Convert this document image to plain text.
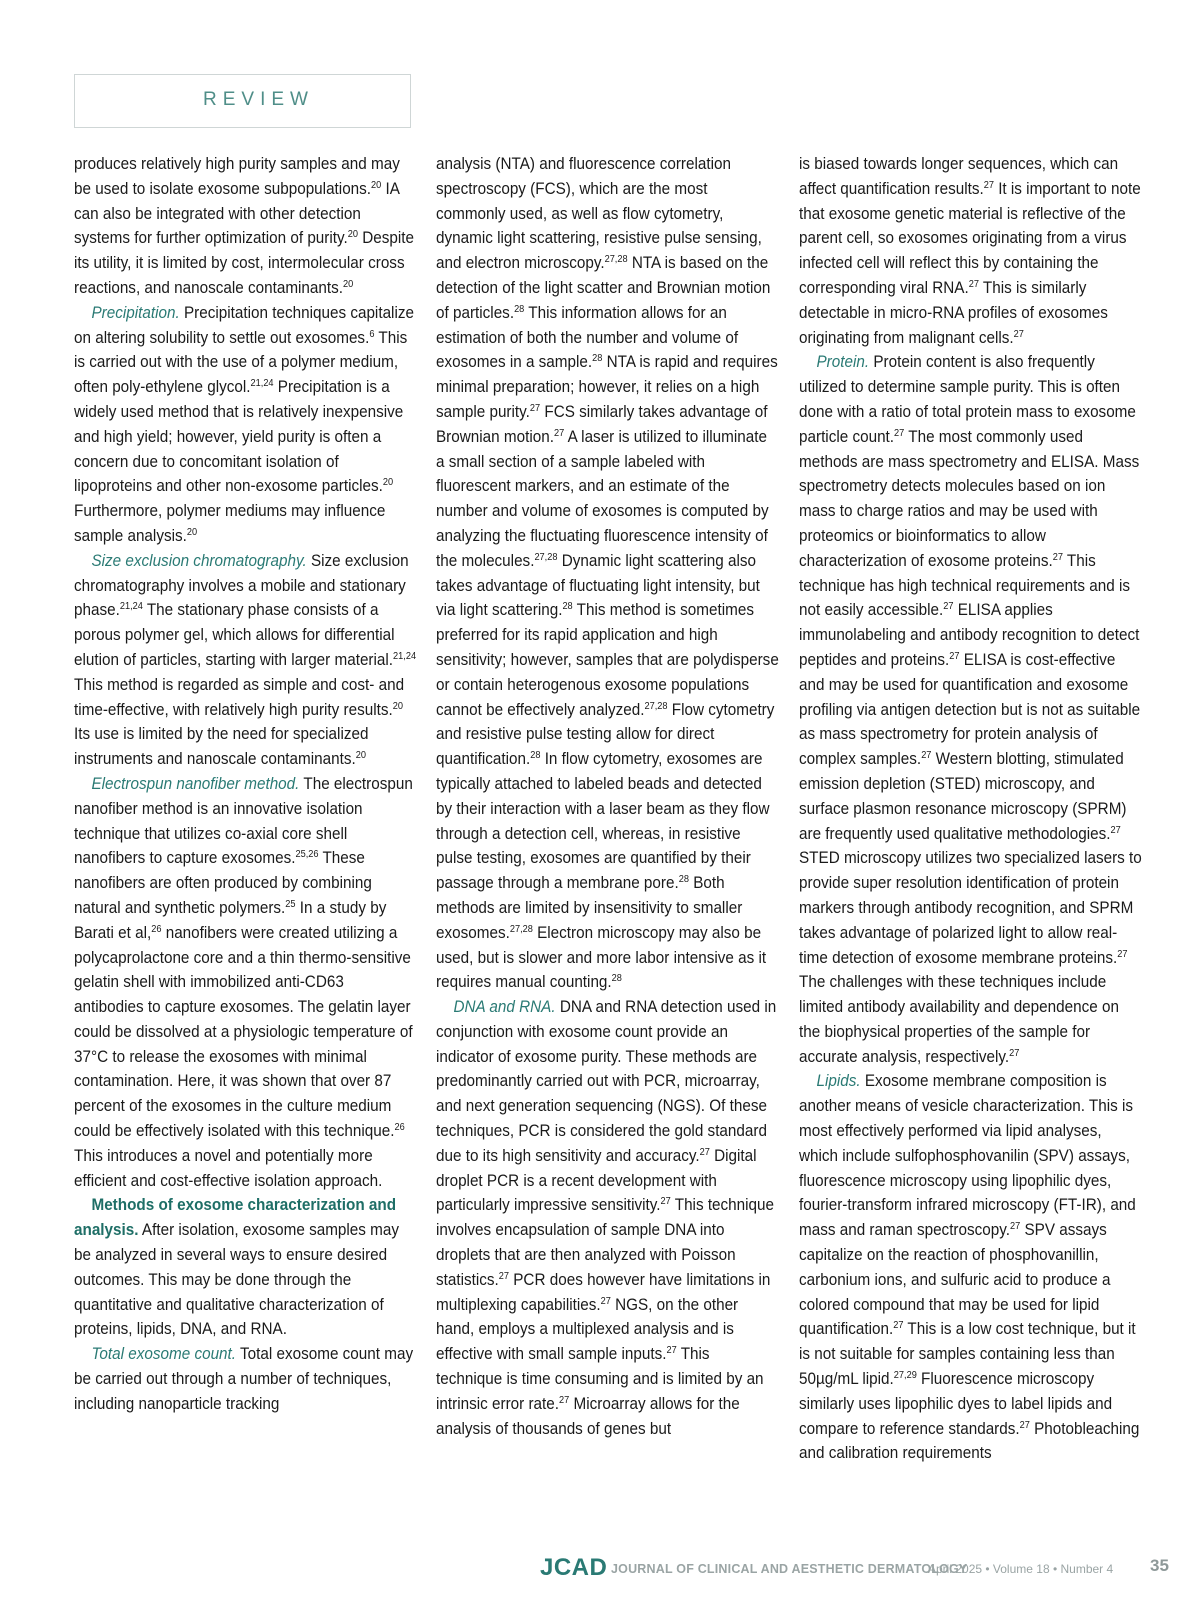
REVIEW

produces relatively high purity samples and may be used to isolate exosome subpopulations.$^{20}$ IA can also be integrated with other detection systems for further optimization of purity.$^{20}$ Despite its utility, it is limited by cost, intermolecular cross reactions, and nanoscale contaminants.$^{20}$

Precipitation. Precipitation techniques capitalize on altering solubility to settle out exosomes.$^6$ This is carried out with the use of a polymer medium, often poly-ethylene glycol.$^{21,24}$ Precipitation is a widely used method that is relatively inexpensive and high yield; however, yield purity is often a concern due to concomitant isolation of lipoproteins and other non-exosome particles.$^{20}$ Furthermore, polymer mediums may influence sample analysis.$^{20}$

Size exclusion chromatography. Size exclusion chromatography involves a mobile and stationary phase.$^{21,24}$ The stationary phase consists of a porous polymer gel, which allows for differential elution of particles, starting with larger material.$^{21,24}$ This method is regarded as simple and cost- and time-effective, with relatively high purity results.$^{20}$ Its use is limited by the need for specialized instruments and nanoscale contaminants.$^{20}$

Electrospun nanofiber method. The electrospun nanofiber method is an innovative isolation technique that utilizes co-axial core shell nanofibers to capture exosomes.$^{25,26}$ These nanofibers are often produced by combining natural and synthetic polymers.$^{25}$ In a study by Barati et al,$^{26}$ nanofibers were created utilizing a polycaprolactone core and a thin thermo-sensitive gelatin shell with immobilized anti-CD63 antibodies to capture exosomes. The gelatin layer could be dissolved at a physiologic temperature of 37°C to release the exosomes with minimal contamination. Here, it was shown that over 87 percent of the exosomes in the culture medium could be effectively isolated with this technique.$^{26}$ This introduces a novel and potentially more efficient and cost-effective isolation approach.

Methods of exosome characterization and analysis. After isolation, exosome samples may be analyzed in several ways to ensure desired outcomes. This may be done through the quantitative and qualitative characterization of proteins, lipids, DNA, and RNA.

Total exosome count. Total exosome count may be carried out through a number of techniques, including nanoparticle tracking

analysis (NTA) and fluorescence correlation spectroscopy (FCS), which are the most commonly used, as well as flow cytometry, dynamic light scattering, resistive pulse sensing, and electron microscopy.$^{27,28}$ NTA is based on the detection of the light scatter and Brownian motion of particles.$^{28}$ This information allows for an estimation of both the number and volume of exosomes in a sample.$^{28}$ NTA is rapid and requires minimal preparation; however, it relies on a high sample purity.$^{27}$ FCS similarly takes advantage of Brownian motion.$^{27}$ A laser is utilized to illuminate a small section of a sample labeled with fluorescent markers, and an estimate of the number and volume of exosomes is computed by analyzing the fluctuating fluorescence intensity of the molecules.$^{27,28}$ Dynamic light scattering also takes advantage of fluctuating light intensity, but via light scattering.$^{28}$ This method is sometimes preferred for its rapid application and high sensitivity; however, samples that are polydisperse or contain heterogenous exosome populations cannot be effectively analyzed.$^{27,28}$ Flow cytometry and resistive pulse testing allow for direct quantification.$^{28}$ In flow cytometry, exosomes are typically attached to labeled beads and detected by their interaction with a laser beam as they flow through a detection cell, whereas, in resistive pulse testing, exosomes are quantified by their passage through a membrane pore.$^{28}$ Both methods are limited by insensitivity to smaller exosomes.$^{27,28}$ Electron microscopy may also be used, but is slower and more labor intensive as it requires manual counting.$^{28}$

DNA and RNA. DNA and RNA detection used in conjunction with exosome count provide an indicator of exosome purity. These methods are predominantly carried out with PCR, microarray, and next generation sequencing (NGS). Of these techniques, PCR is considered the gold standard due to its high sensitivity and accuracy.$^{27}$ Digital droplet PCR is a recent development with particularly impressive sensitivity.$^{27}$ This technique involves encapsulation of sample DNA into droplets that are then analyzed with Poisson statistics.$^{27}$ PCR does however have limitations in multiplexing capabilities.$^{27}$ NGS, on the other hand, employs a multiplexed analysis and is effective with small sample inputs.$^{27}$ This technique is time consuming and is limited by an intrinsic error rate.$^{27}$ Microarray allows for the analysis of thousands of genes but

is biased towards longer sequences, which can affect quantification results.$^{27}$ It is important to note that exosome genetic material is reflective of the parent cell, so exosomes originating from a virus infected cell will reflect this by containing the corresponding viral RNA.$^{27}$ This is similarly detectable in micro-RNA profiles of exosomes originating from malignant cells.$^{27}$

Protein. Protein content is also frequently utilized to determine sample purity. This is often done with a ratio of total protein mass to exosome particle count.$^{27}$ The most commonly used methods are mass spectrometry and ELISA. Mass spectrometry detects molecules based on ion mass to charge ratios and may be used with proteomics or bioinformatics to allow characterization of exosome proteins.$^{27}$ This technique has high technical requirements and is not easily accessible.$^{27}$ ELISA applies immunolabeling and antibody recognition to detect peptides and proteins.$^{27}$ ELISA is cost-effective and may be used for quantification and exosome profiling via antigen detection but is not as suitable as mass spectrometry for protein analysis of complex samples.$^{27}$ Western blotting, stimulated emission depletion (STED) microscopy, and surface plasmon resonance microscopy (SPRM) are frequently used qualitative methodologies.$^{27}$ STED microscopy utilizes two specialized lasers to provide super resolution identification of protein markers through antibody recognition, and SPRM takes advantage of polarized light to allow real-time detection of exosome membrane proteins.$^{27}$ The challenges with these techniques include limited antibody availability and dependence on the biophysical properties of the sample for accurate analysis, respectively.$^{27}$

Lipids. Exosome membrane composition is another means of vesicle characterization. This is most effectively performed via lipid analyses, which include sulfophosphovanilin (SPV) assays, fluorescence microscopy using lipophilic dyes, fourier-transform infrared microscopy (FT-IR), and mass and raman spectroscopy.$^{27}$ SPV assays capitalize on the reaction of phosphovanillin, carbonium ions, and sulfuric acid to produce a colored compound that may be used for lipid quantification.$^{27}$ This is a low cost technique, but it is not suitable for samples containing less than 50µg/mL lipid.$^{27,29}$ Fluorescence microscopy similarly uses lipophilic dyes to label lipids and compare to reference standards.$^{27}$ Photobleaching and calibration requirements

JCAD JOURNAL OF CLINICAL AND AESTHETIC DERMATOLOGY
April 2025 • Volume 18 • Number 4 35
